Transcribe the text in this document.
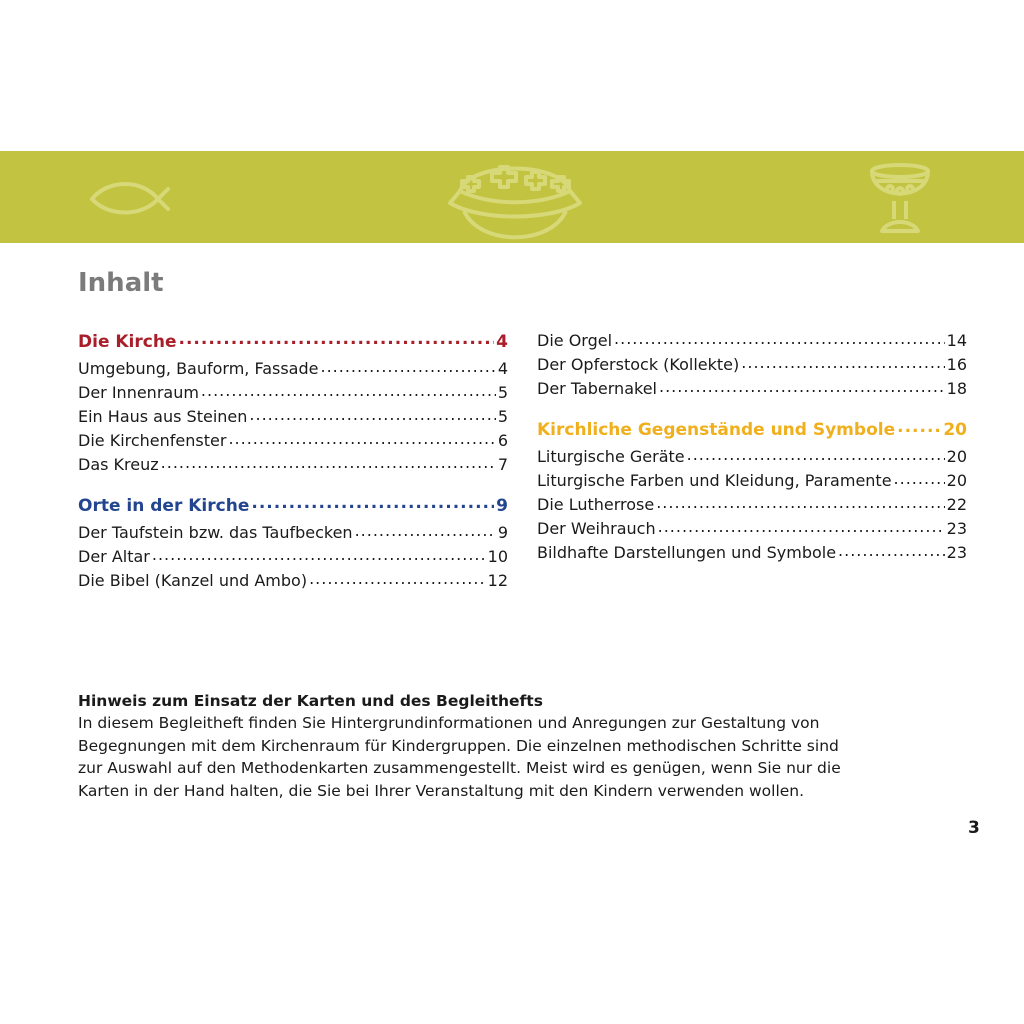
Inhalt
Die Kirche .....	4
Umgebung, Bauform, Fassade .....	4
Der Innenraum .....	5
Ein Haus aus Steinen .....	5
Die Kirchenfenster .....	6
Das Kreuz .....	7
Orte in der Kirche .....	9
Der Taufstein bzw. das Taufbecken .....	9
Der Altar .....	10
Die Bibel (Kanzel und Ambo) .....	12
Die Orgel .....	14
Der Opferstock (Kollekte) .....	16
Der Tabernakel .....	18
Kirchliche Gegenstände und Symbole .....	20
Liturgische Geräte .....	20
Liturgische Farben und Kleidung, Paramente .....	20
Die Lutherrose .....	22
Der Weihrauch .....	23
Bildhafte Darstellungen und Symbole .....	23
Hinweis zum Einsatz der Karten und des Begleithefts

In diesem Begleitheft finden Sie Hintergrundinformationen und Anregungen zur Gestaltung von

Begegnungen mit dem Kirchenraum für Kindergruppen. Die einzelnen methodischen Schritte sind

zur Auswahl auf den Methodenkarten zusammengestellt. Meist wird es genügen, wenn Sie nur die

Karten in der Hand halten, die Sie bei Ihrer Veranstaltung mit den Kindern verwenden wollen.

3
